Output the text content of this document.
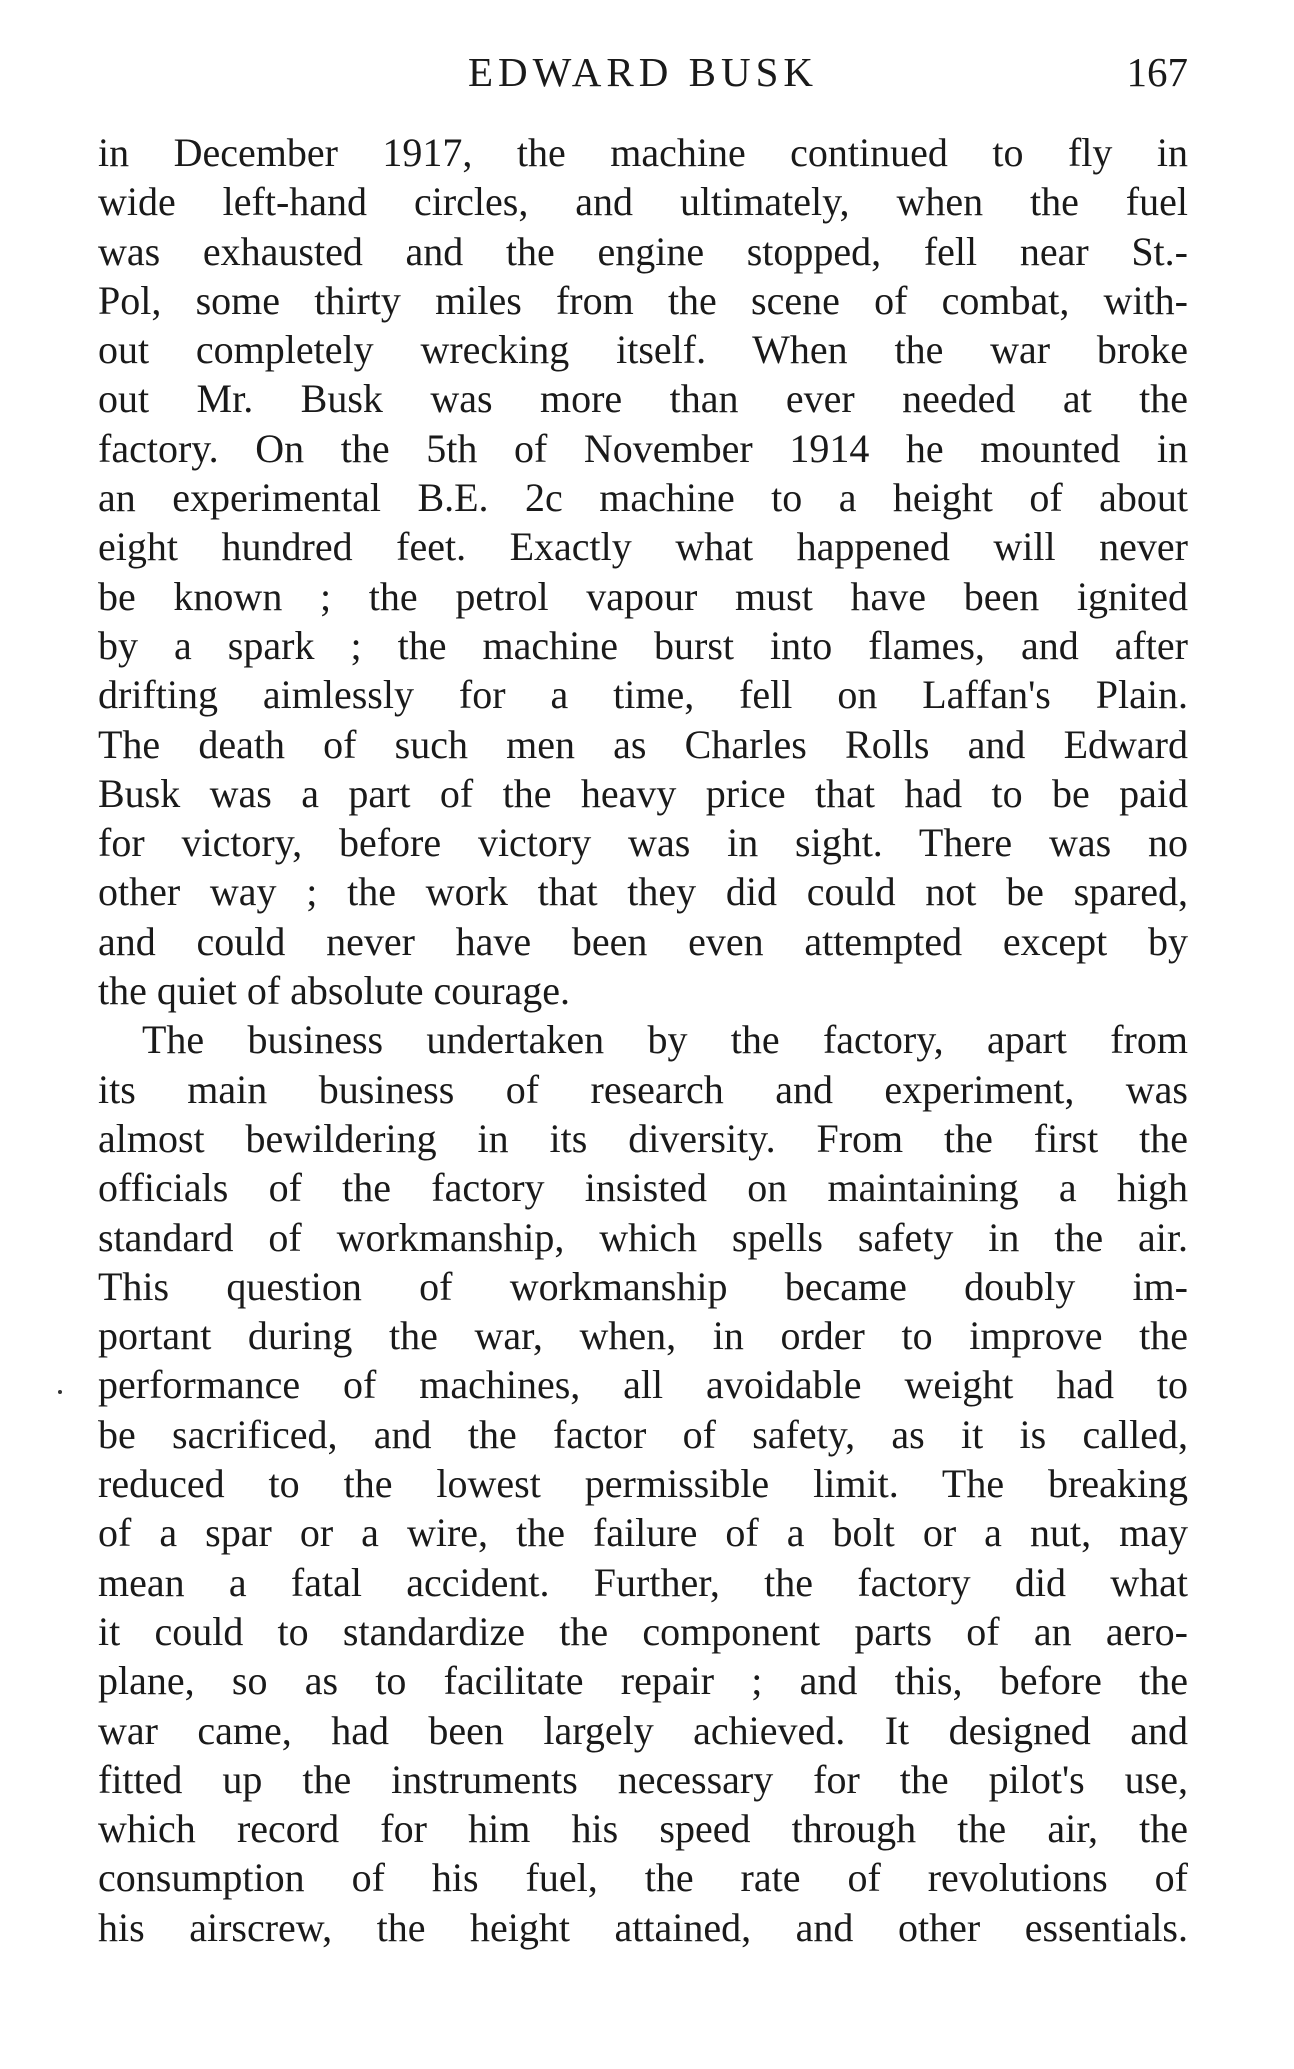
EDWARD BUSK	167
in December 1917, the machine continued to fly in
wide left-hand circles, and ultimately, when the fuel
was exhausted and the engine stopped, fell near St.-
Pol, some thirty miles from the scene of combat, with-
out completely wrecking itself. When the war broke
out Mr. Busk was more than ever needed at the
factory. On the 5th of November 1914 he mounted in
an experimental B.E. 2c machine to a height of about
eight hundred feet. Exactly what happened will never
be known ; the petrol vapour must have been ignited
by a spark ; the machine burst into flames, and after
drifting aimlessly for a time, fell on Laffan's Plain.
The death of such men as Charles Rolls and Edward
Busk was a part of the heavy price that had to be paid
for victory, before victory was in sight. There was no
other way ; the work that they did could not be spared,
and could never have been even attempted except by
the quiet of absolute courage.
The business undertaken by the factory, apart from
its main business of research and experiment, was
almost bewildering in its diversity. From the first the
officials of the factory insisted on maintaining a high
standard of workmanship, which spells safety in the air.
This question of workmanship became doubly im-
portant during the war, when, in order to improve the
performance of machines, all avoidable weight had to
be sacrificed, and the factor of safety, as it is called,
reduced to the lowest permissible limit. The breaking
of a spar or a wire, the failure of a bolt or a nut, may
mean a fatal accident. Further, the factory did what
it could to standardize the component parts of an aero-
plane, so as to facilitate repair ; and this, before the
war came, had been largely achieved. It designed and
fitted up the instruments necessary for the pilot's use,
which record for him his speed through the air, the
consumption of his fuel, the rate of revolutions of
his airscrew, the height attained, and other essentials.
